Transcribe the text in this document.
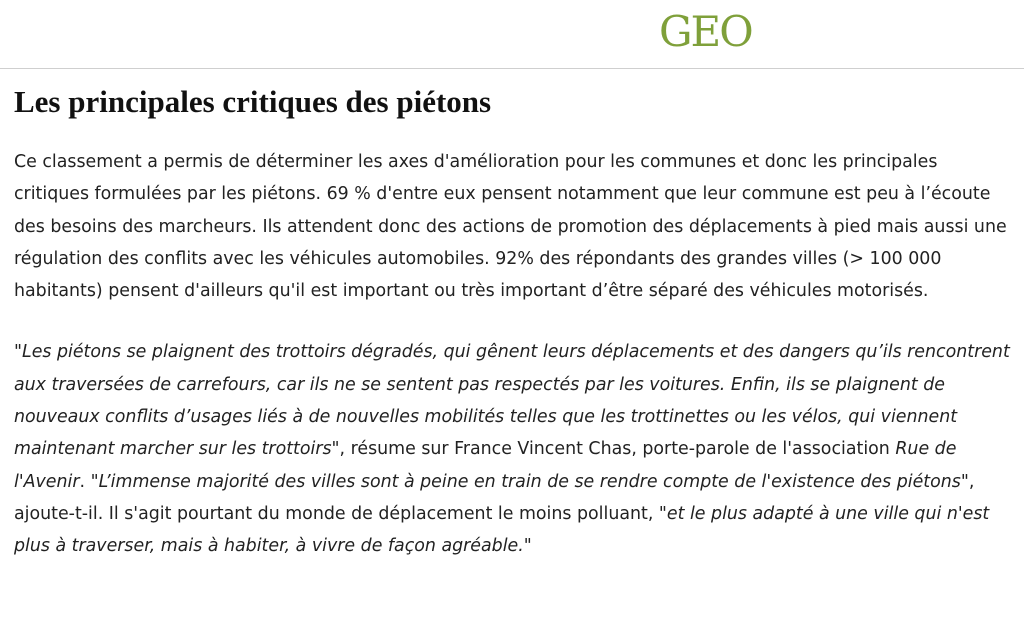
GEO
Les principales critiques des piétons

Ce classement a permis de déterminer les axes d'amélioration pour les communes et donc les principales critiques formulées par les piétons. 69 % d'entre eux pensent notamment que leur commune est peu à l’écoute des besoins des marcheurs. Ils attendent donc des actions de promotion des déplacements à pied mais aussi une régulation des conflits avec les véhicules automobiles. 92% des répondants des grandes villes (> 100 000 habitants) pensent d'ailleurs qu'il est important ou très important d’être séparé des véhicules motorisés.

"Les piétons se plaignent des trottoirs dégradés, qui gênent leurs déplacements et des dangers qu’ils rencontrent aux traversées de carrefours, car ils ne se sentent pas respectés par les voitures. Enfin, ils se plaignent de nouveaux conflits d’usages liés à de nouvelles mobilités telles que les trottinettes ou les vélos, qui viennent maintenant marcher sur les trottoirs", résume sur France Vincent Chas, porte-parole de l'association Rue de l'Avenir. "L’immense majorité des villes sont à peine en train de se rendre compte de l'existence des piétons", ajoute-t-il. Il s'agit pourtant du monde de déplacement le moins polluant, "et le plus adapté à une ville qui n'est plus à traverser, mais à habiter, à vivre de façon agréable."
